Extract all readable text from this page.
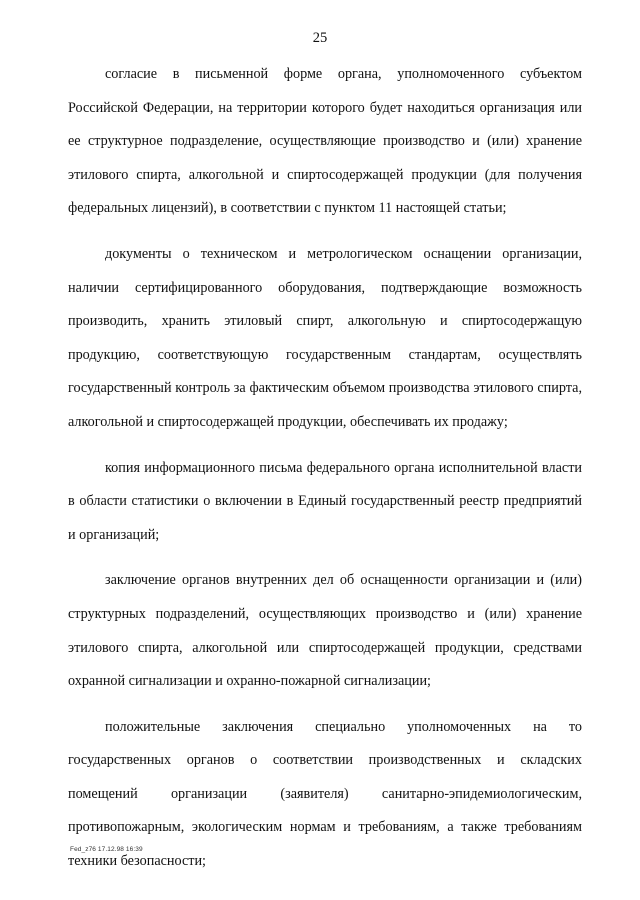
25

согласие в письменной форме органа, уполномоченного субъектом Российской Федерации, на территории которого будет находиться организация или ее структурное подразделение, осуществляющие производство и (или) хранение этилового спирта, алкогольной и спиртосодержащей продукции (для получения федеральных лицензий), в соответствии с пунктом 11 настоящей статьи;

документы о техническом и метрологическом оснащении организации, наличии сертифицированного оборудования, подтверждающие возможность производить, хранить этиловый спирт, алкогольную и спиртосодержащую продукцию, соответствующую государственным стандартам, осуществлять государственный контроль за фактическим объемом производства этилового спирта, алкогольной и спиртосодержащей продукции, обеспечивать их продажу;

копия информационного письма федерального органа исполнительной власти в области статистики о включении в Единый государственный реестр предприятий и организаций;

заключение органов внутренних дел об оснащенности организации и (или) структурных подразделений, осуществляющих производство и (или) хранение этилового спирта, алкогольной или спиртосодержащей продукции, средствами охранной сигнализации и охранно-пожарной сигнализации;

положительные заключения специально уполномоченных на то государственных органов о соответствии производственных и складских помещений организации (заявителя) санитарно-эпидемиологическим, противопожарным, экологическим нормам и требованиям, а также требованиям техники безопасности;

Fed_z76 17.12.98 16:39
